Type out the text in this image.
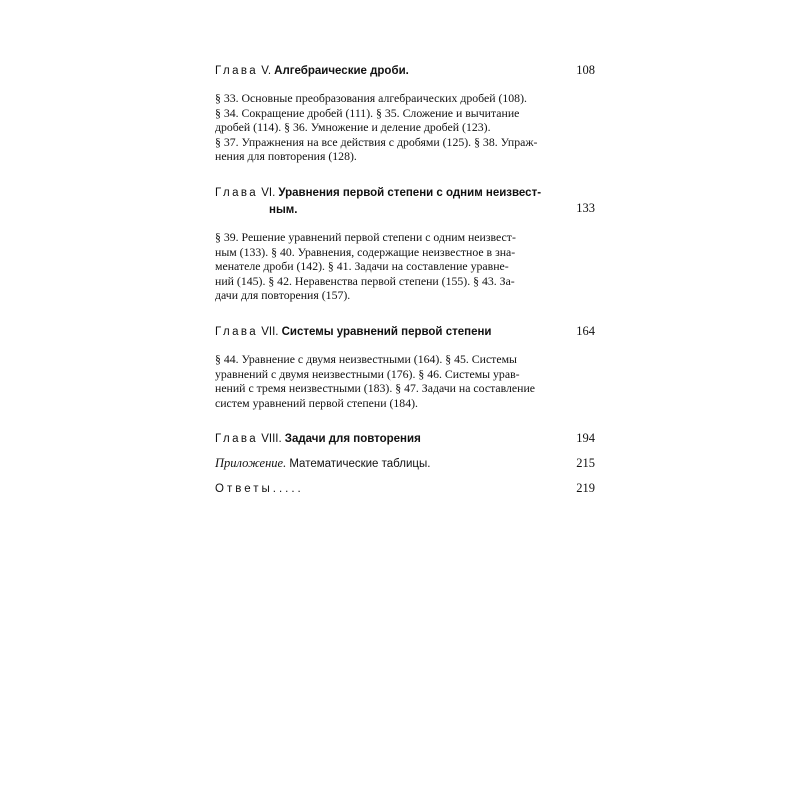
Глава V. Алгебраические дроби.	108
§ 33. Основные преобразования алгебраических дробей (108).
§ 34. Сокращение дробей (111). § 35. Сложение и вычитание
дробей (114). § 36. Умножение и деление дробей (123).
§ 37. Упражнения на все действия с дробями (125). § 38. Упраж-
нения для повторения (128).
Глава VI. Уравнения первой степени с одним неизвест-
ным.	133
§ 39. Решение уравнений первой степени с одним неизвест-
ным (133). § 40. Уравнения, содержащие неизвестное в зна-
менателе дроби (142). § 41. Задачи на составление уравне-
ний (145). § 42. Неравенства первой степени (155). § 43. За-
дачи для повторения (157).
Глава VII. Системы уравнений первой степени	164
§ 44. Уравнение с двумя неизвестными (164). § 45. Системы
уравнений с двумя неизвестными (176). § 46. Системы урав-
нений с тремя неизвестными (183). § 47. Задачи на составление
систем уравнений первой степени (184).
Глава VIII. Задачи для повторения	194
Приложение. Математические таблицы.	215
Ответы.....	219
